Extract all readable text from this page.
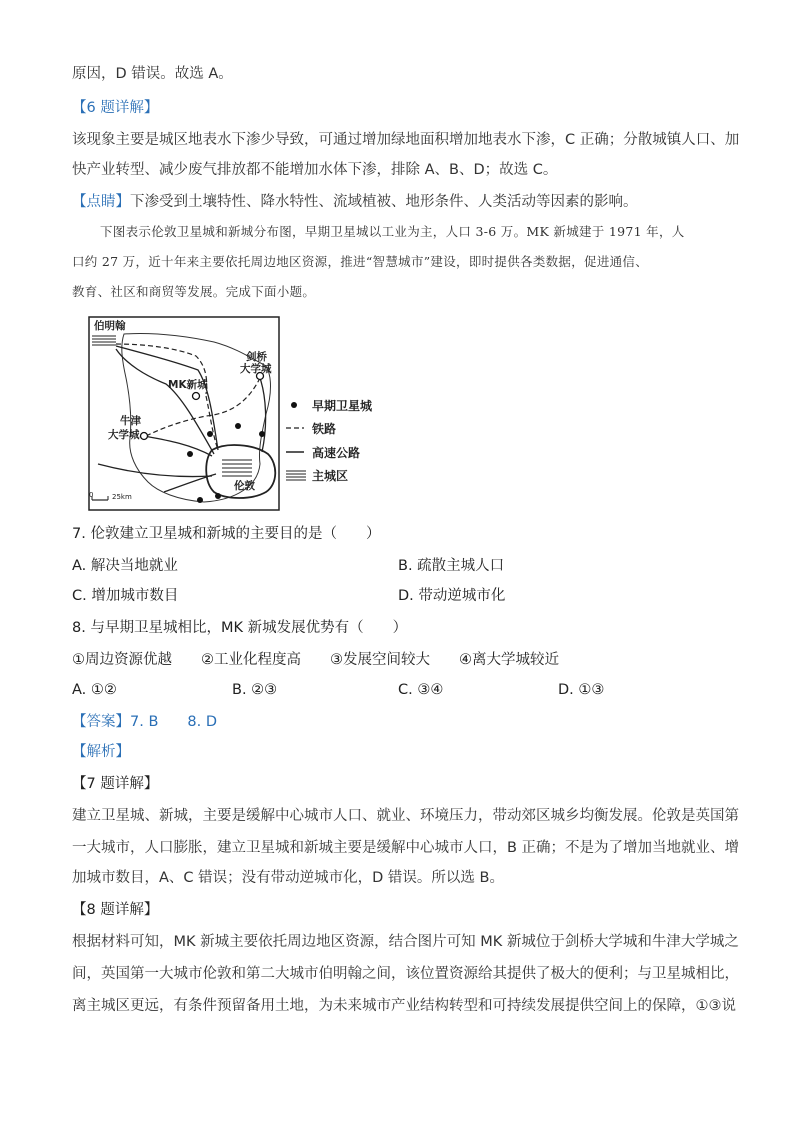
原因，D 错误。故选 A。
【6 题详解】
该现象主要是城区地表水下渗少导致，可通过增加绿地面积增加地表水下渗，C 正确；分散城镇人口、加
快产业转型、减少废气排放都不能增加水体下渗，排除 A、B、D；故选 C。
【点睛】下渗受到土壤特性、降水特性、流域植被、地形条件、人类活动等因素的影响。
下图表示伦敦卫星城和新城分布图，早期卫星城以工业为主，人口 3-6 万。MK 新城建于 1971 年，人
口约 27 万，近十年来主要依托周边地区资源，推进“智慧城市”建设，即时提供各类数据，促进通信、
教育、社区和商贸等发展。完成下面小题。
伯明翰
剑桥
大学城
MK新城
牛津
大学城
伦敦
0	25km
早期卫星城
铁路
高速公路
主城区
7. 伦敦建立卫星城和新城的主要目的是（　　）
A. 解决当地就业	B. 疏散主城人口
C. 增加城市数目	D. 带动逆城市化
8. 与早期卫星城相比，MK 新城发展优势有（　　）
①周边资源优越　　②工业化程度高　　③发展空间较大　　④离大学城较近
A. ①②	B. ②③	C. ③④	D. ①③
【答案】7. B　　8. D
【解析】
【7 题详解】
建立卫星城、新城，主要是缓解中心城市人口、就业、环境压力，带动郊区城乡均衡发展。伦敦是英国第
一大城市，人口膨胀，建立卫星城和新城主要是缓解中心城市人口，B 正确；不是为了增加当地就业、增
加城市数目，A、C 错误；没有带动逆城市化，D 错误。所以选 B。
【8 题详解】
根据材料可知，MK 新城主要依托周边地区资源，结合图片可知 MK 新城位于剑桥大学城和牛津大学城之
间，英国第一大城市伦敦和第二大城市伯明翰之间，该位置资源给其提供了极大的便利；与卫星城相比，
离主城区更远，有条件预留备用土地，为未来城市产业结构转型和可持续发展提供空间上的保障，①③说
